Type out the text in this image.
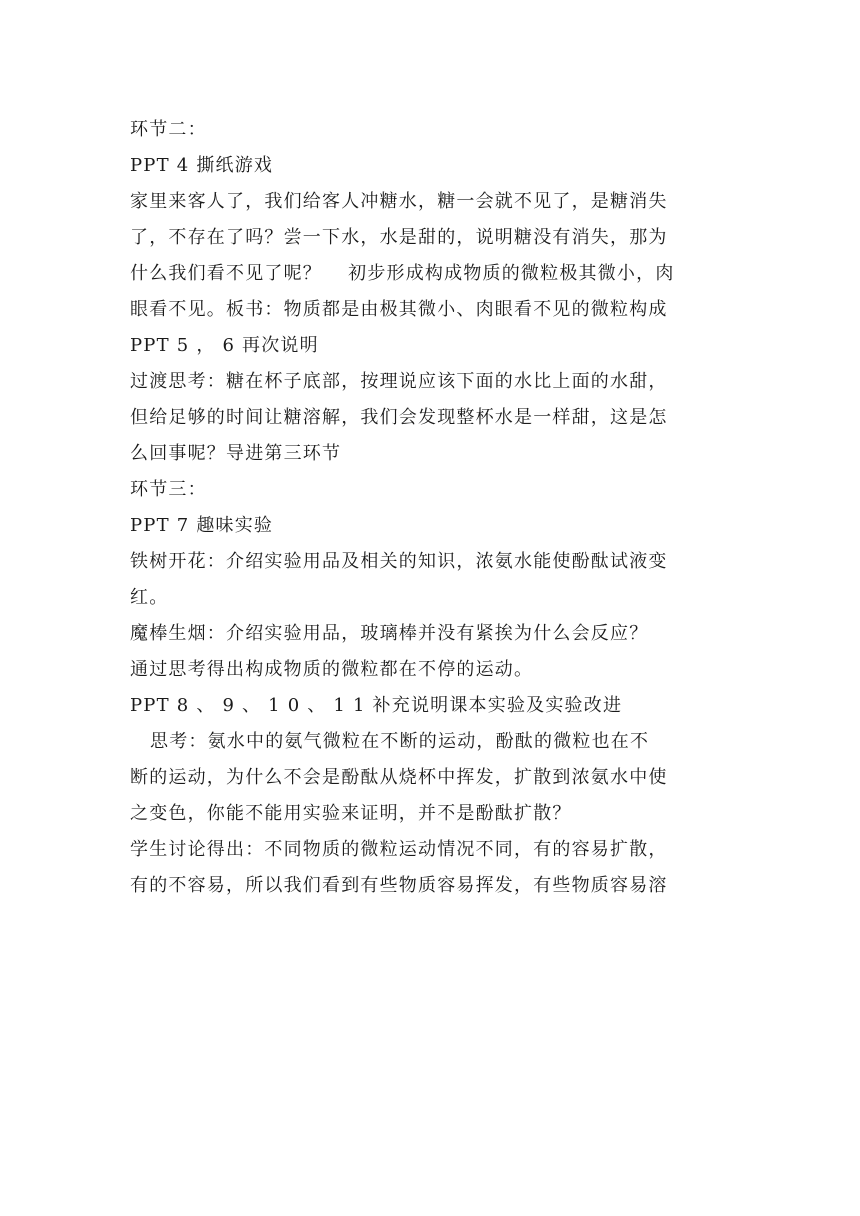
环节二：
PPT 4 撕纸游戏
家里来客人了，我们给客人冲糖水，糖一会就不见了，是糖消失
了，不存在了吗？尝一下水，水是甜的，说明糖没有消失，那为
什么我们看不见了呢？　 初步形成构成物质的微粒极其微小，肉
眼看不见。板书：物质都是由极其微小、肉眼看不见的微粒构成
PPT 5 ， 6 再次说明
过渡思考：糖在杯子底部，按理说应该下面的水比上面的水甜，
但给足够的时间让糖溶解，我们会发现整杯水是一样甜，这是怎
么回事呢？导进第三环节
环节三：
PPT 7 趣味实验
铁树开花：介绍实验用品及相关的知识，浓氨水能使酚酞试液变
红。
魔棒生烟：介绍实验用品，玻璃棒并没有紧挨为什么会反应？
通过思考得出构成物质的微粒都在不停的运动。
PPT 8 、 9 、 1 0 、 1 1 补充说明课本实验及实验改进
思考：氨水中的氨气微粒在不断的运动，酚酞的微粒也在不
断的运动，为什么不会是酚酞从烧杯中挥发，扩散到浓氨水中使
之变色，你能不能用实验来证明，并不是酚酞扩散？
学生讨论得出：不同物质的微粒运动情况不同，有的容易扩散，
有的不容易，所以我们看到有些物质容易挥发，有些物质容易溶
